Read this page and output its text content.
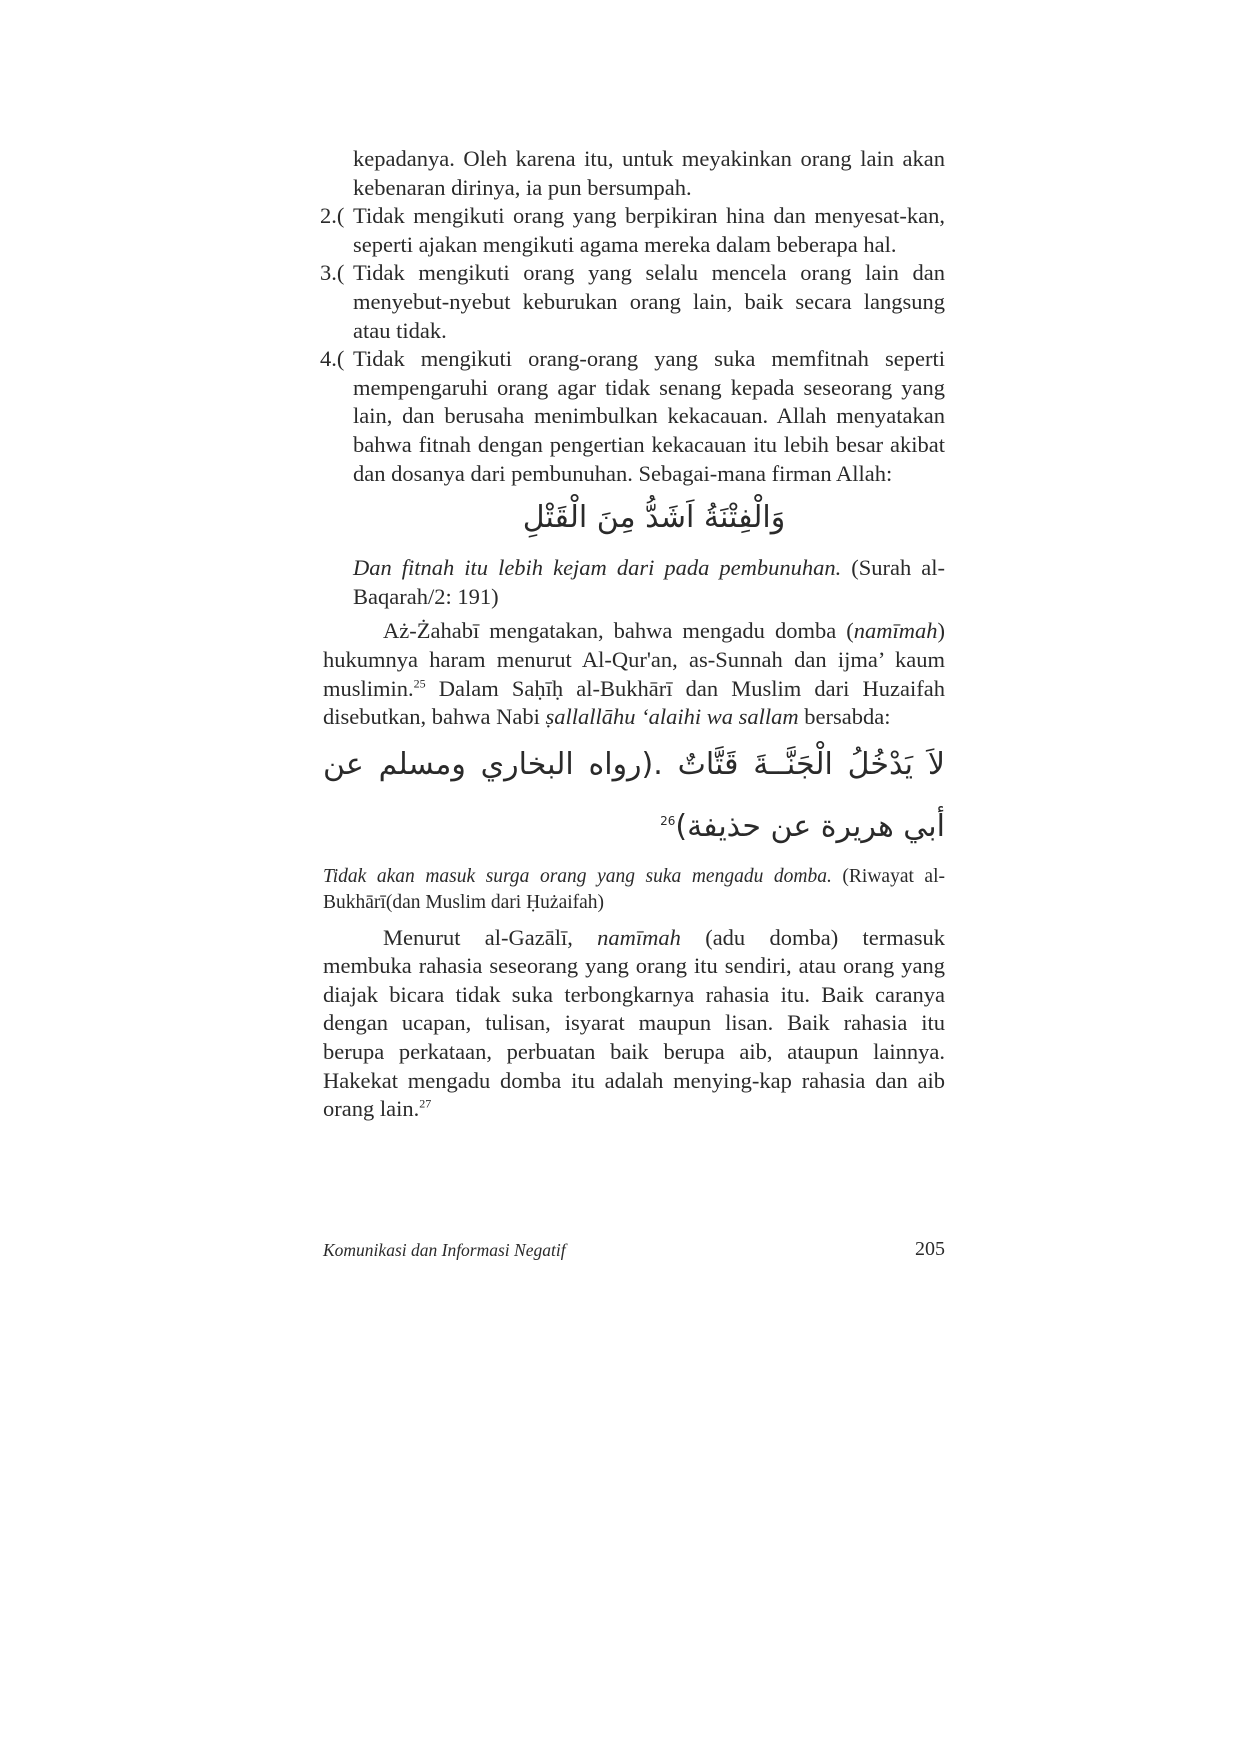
kepadanya. Oleh karena itu, untuk meyakinkan orang lain akan kebenaran dirinya, ia pun bersumpah.

2.( Tidak mengikuti orang yang berpikiran hina dan menyesat-kan, seperti ajakan mengikuti agama mereka dalam beberapa hal.

3.( Tidak mengikuti orang yang selalu mencela orang lain dan menyebut-nyebut keburukan orang lain, baik secara langsung atau tidak.

4.( Tidak mengikuti orang-orang yang suka memfitnah seperti mempengaruhi orang agar tidak senang kepada seseorang yang lain, dan berusaha menimbulkan kekacauan. Allah menyatakan bahwa fitnah dengan pengertian kekacauan itu lebih besar akibat dan dosanya dari pembunuhan. Sebagai-mana firman Allah:

وَالْفِتْنَةُ اَشَدُّ مِنَ الْقَتْلِ

Dan fitnah itu lebih kejam dari pada pembunuhan. (Surah al-Baqarah/2: 191)

Aż-Żahabī mengatakan, bahwa mengadu domba (namīmah) hukumnya haram menurut Al-Qur'an, as-Sunnah dan ijma’ kaum muslimin.$^{25}$ Dalam Saḥīḥ al-Bukhārī dan Muslim dari Huzaifah disebutkan, bahwa Nabi ṣallallāhu ‘alaihi wa sallam bersabda:

لاَ يَدْخُلُ الْجَنَّــةَ قَتَّاتٌ .(رواه البخاري ومسلم عن أبي هريرة عن حذيفة)$^{26}$

Tidak akan masuk surga orang yang suka mengadu domba. (Riwayat al-Bukhārī(dan Muslim dari Ḥużaifah)

Menurut al-Gazālī, namīmah (adu domba) termasuk membuka rahasia seseorang yang orang itu sendiri, atau orang yang diajak bicara tidak suka terbongkarnya rahasia itu. Baik caranya dengan ucapan, tulisan, isyarat maupun lisan. Baik rahasia itu berupa perkataan, perbuatan baik berupa aib, ataupun lainnya. Hakekat mengadu domba itu adalah menying-kap rahasia dan aib orang lain.$^{27}$

Komunikasi dan Informasi Negatif	205
